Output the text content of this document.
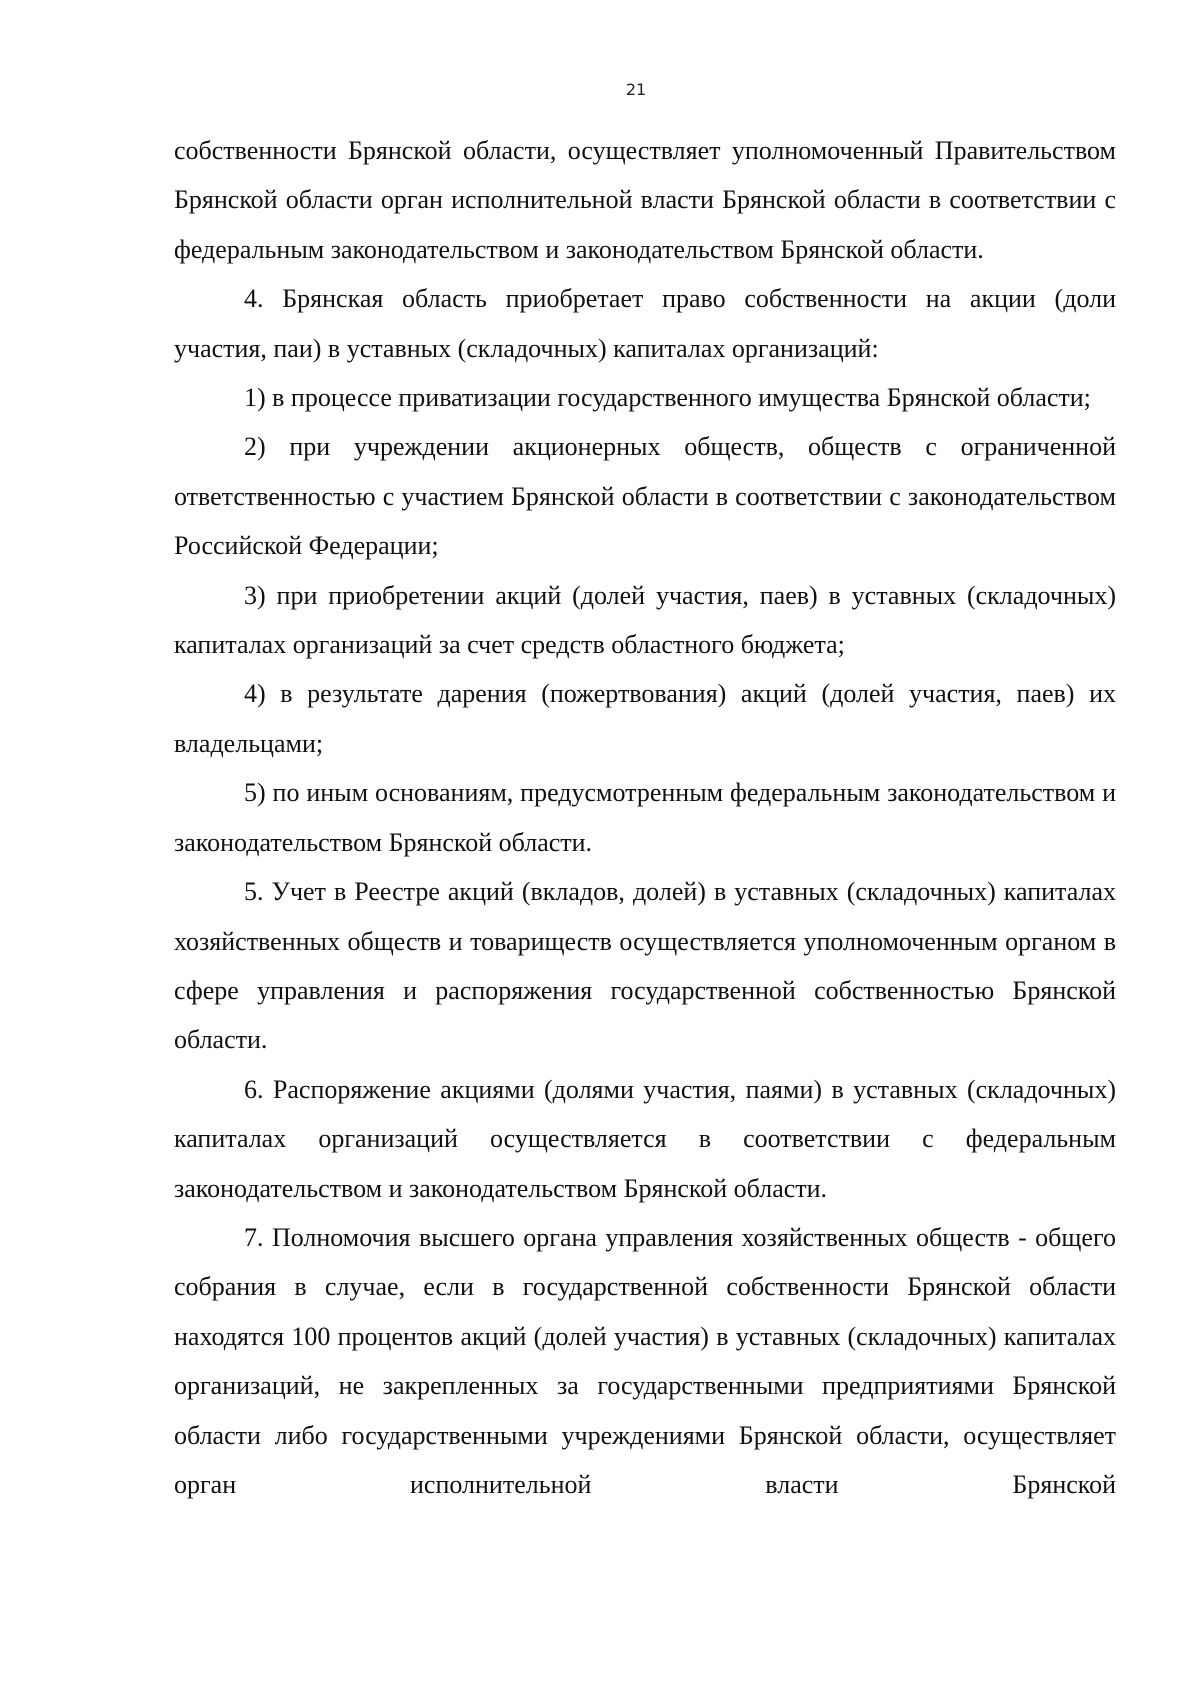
21

собственности Брянской области, осуществляет уполномоченный Правительством Брянской области орган исполнительной власти Брянской области в соответствии с федеральным законодательством и законодательством Брянской области.

4. Брянская область приобретает право собственности на акции (доли участия, паи) в уставных (складочных) капиталах организаций:

1) в процессе приватизации государственного имущества Брянской области;

2) при учреждении акционерных обществ, обществ с ограниченной ответственностью с участием Брянской области в соответствии с законодательством Российской Федерации;

3) при приобретении акций (долей участия, паев) в уставных (складочных) капиталах организаций за счет средств областного бюджета;

4) в результате дарения (пожертвования) акций (долей участия, паев) их владельцами;

5) по иным основаниям, предусмотренным федеральным законодательством и законодательством Брянской области.

5. Учет в Реестре акций (вкладов, долей) в уставных (складочных) капиталах хозяйственных обществ и товариществ осуществляется уполномоченным органом в сфере управления и распоряжения государственной собственностью Брянской области.

6. Распоряжение акциями (долями участия, паями) в уставных (складочных) капиталах организаций осуществляется в соответствии с федеральным законодательством и законодательством Брянской области.

7. Полномочия высшего органа управления хозяйственных обществ - общего собрания в случае, если в государственной собственности Брянской области находятся 100 процентов акций (долей участия) в уставных (складочных) капиталах организаций, не закрепленных за государственными предприятиями Брянской области либо государственными учреждениями Брянской области, осуществляет орган исполнительной власти Брянской
